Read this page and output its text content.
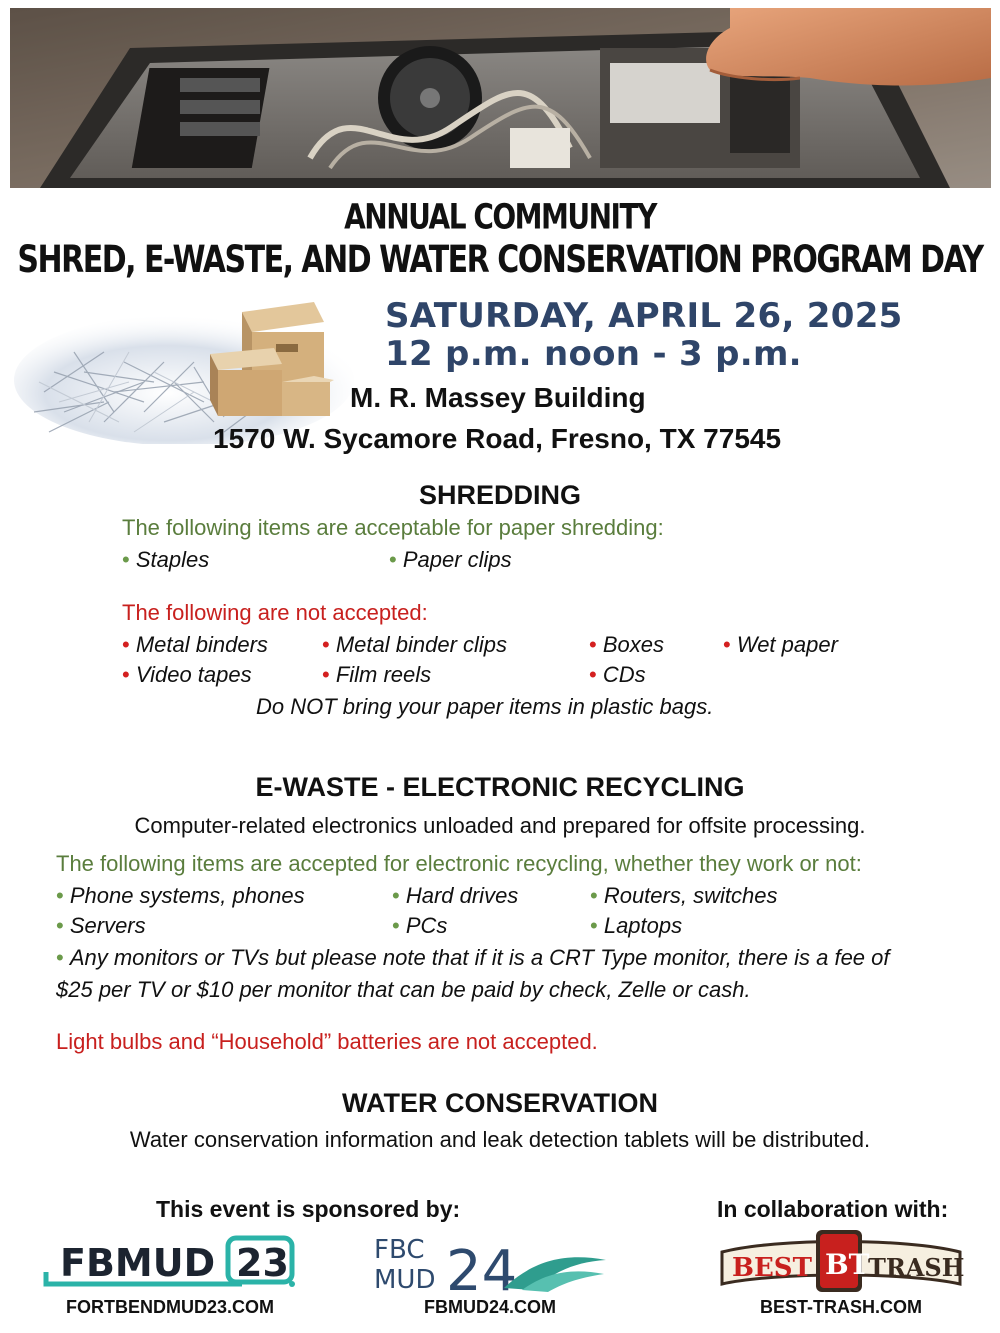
ANNUAL COMMUNITY
SHRED, E-WASTE, AND WATER CONSERVATION PROGRAM DAY
SATURDAY, APRIL 26, 2025
12 p.m. noon - 3 p.m.
M. R. Massey Building
1570 W. Sycamore Road, Fresno, TX 77545
SHREDDING
The following items are acceptable for paper shredding:
• Staples	• Paper clips
The following are not accepted:
• Metal binders	• Metal binder clips	• Boxes	• Wet paper
• Video tapes	• Film reels	• CDs
Do NOT bring your paper items in plastic bags.
E-WASTE - ELECTRONIC RECYCLING
Computer-related electronics unloaded and prepared for offsite processing.
The following items are accepted for electronic recycling, whether they work or not:
• Phone systems, phones	• Hard drives	• Routers, switches
• Servers	• PCs	• Laptops
• Any monitors or TVs but please note that if it is a CRT Type monitor, there is a fee of
$25 per TV or $10 per monitor that can be paid by check, Zelle or cash.
Light bulbs and “Household” batteries are not accepted.
WATER CONSERVATION
Water conservation information and leak detection tablets will be distributed.
This event is sponsored by:	In collaboration with:
FBMUD 23
FORTBENDMUD23.COM
FBC
MUD 24
FBMUD24.COM
BEST TRASH
BT
BEST-TRASH.COM
